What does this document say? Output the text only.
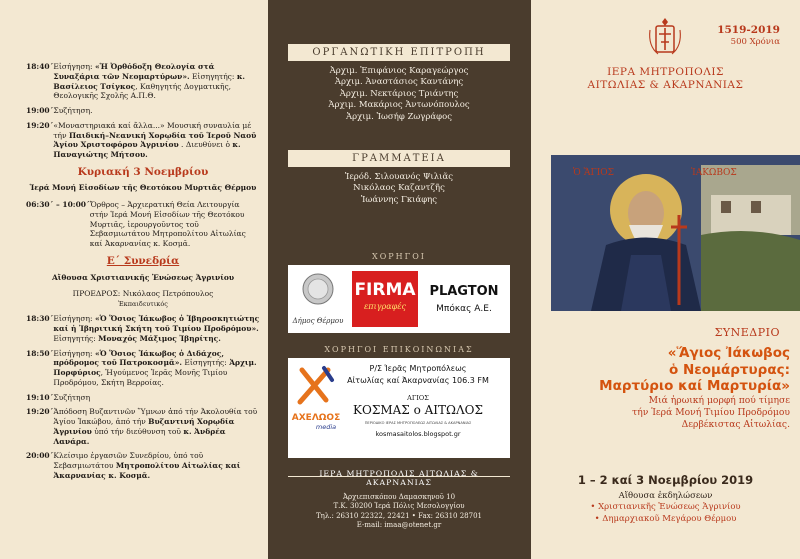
18:40΄ Εἰσήγηση: «Ἡ Ὀρθόδοξη Θεολογία στά Συναξάρια τῶν Νεομαρτύρων». Εἰσηγητής: κ. Βασίλειος Τσίγκος, Καθηγητής Δογματικῆς, Θεολογικῆς Σχολῆς Α.Π.Θ.
19:00΄ Συζήτηση.
19:20΄ «Μοναστηριακά καί ἄλλα...» Μουσική συναυλία μέ τήν Παιδική–Νεανική Χορῳδία τοῦ Ἱεροῦ Ναοῦ Ἁγίου Χριστοφόρου Ἀγρινίου . Διευθύνει ὁ κ. Παναγιώτης Μήτσου.
Κυριακή 3 Νοεμβρίου
Ἱερά Μονή Εἰσοδίων τῆς Θεοτόκου Μυρτιᾶς Θέρμου
06:30΄ – 10:00΄ Ὄρθρος – Ἀρχιερατική Θεία Λειτουργία στήν Ἱερά Μονή Εἰσοδίων τῆς Θεοτόκου Μυρτιᾶς, ἱερουργοῦντος τοῦ Σεβασμιωτάτου Μητροπολίτου Αἰτωλίας καί Ἀκαρνανίας κ. Κοσμᾶ.
Ε΄ Συνεδρία
Αἴθουσα Χριστιανικῆς Ἑνώσεως Ἀγρινίου
ΠΡΟΕΔΡΟΣ: Νικόλαος Πετρόπουλος
Ἐκπαιδευτικός
18:30΄ Εἰσήγηση: «Ὁ Ὅσιος Ἰάκωβος ὁ Ἰβηροσκητιώτης καί ἡ Ἰβηριτική Σκήτη τοῦ Τιμίου Προδρόμου». Εἰσηγητής: Μοναχός Μάξιμος Ἰβηρίτης.
18:50΄ Εἰσήγηση: «Ὁ Ὅσιος Ἰάκωβος ὁ Διδάχος, πρόδρομος τοῦ Πατροκοσμᾶ». Εἰσηγητής: Ἀρχιμ. Πορφύριος, Ἡγούμενος Ἱερᾶς Μονῆς Τιμίου Προδρόμου, Σκήτη Βερροίας.
19:10΄ Συζήτηση
19:20΄ Ἀπόδοση Βυζαντινῶν Ὕμνων ἀπό τήν Ἀκολουθία τοῦ Ἁγίου Ἰακώβου, ἀπό τήν Βυζαντινή Χορῳδία Ἀγρινίου ὑπό τήν διεύθυνση τοῦ κ. Ἀνδρέα Λανάρα.
20:00΄ Κλείσιμο ἐργασιῶν Συνεδρίου, ὑπό τοῦ Σεβασμιωτάτου Μητροπολίτου Αἰτωλίας καί Ἀκαρνανίας κ. Κοσμᾶ.
ΟΡΓΑΝΩΤΙΚΗ ΕΠΙΤΡΟΠΗ
Ἀρχιμ. Ἐπιφάνιος Καραγεώργος
Ἀρχιμ. Ἀναστάσιος Καντάνης
Ἀρχιμ. Νεκτάριος Τριάντης
Ἀρχιμ. Μακάριος Ἀντωνόπουλος
Ἀρχιμ. Ἰωσήφ Ζωγράφος
ΓΡΑΜΜΑΤΕΙΑ
Ἱερόδ. Σιλουανός Ψιλιᾶς
Νικόλαος Καζαντζῆς
Ἰωάννης Γκιάφης
ΧΟΡΗΓΟΙ
Δήμος Θέρμου
FIRMA
επιγραφές
PLAGTON
Μπόκας Α.Ε.
ΧΟΡΗΓΟΙ ΕΠΙΚΟΙΝΩΝΙΑΣ
ΑΧΕΛΩΟΣ
media
Ρ/Σ Ἱερᾶς Μητροπόλεως
Αἰτωλίας καί Ἀκαρνανίας 106.3 FM
ΑΓΙΟΣ
ΚΟΣΜΑΣ ο ΑΙΤΩΛΟΣ
ΠΕΡΙΟΔΙΚΟ ΙΕΡΑΣ ΜΗΤΡΟΠΟΛΕΩΣ ΑΙΤΩΛΙΑΣ & ΑΚΑΡΝΑΝΙΑΣ
kosmasaitolos.blogspot.gr
ΙΕΡΑ ΜΗΤΡΟΠΟΛΙΣ ΑΙΤΩΛΙΑΣ & ΑΚΑΡΝΑΝΙΑΣ
Ἀρχιεπισκόπου Δαμασκηνοῦ 10
Τ.Κ. 30200 Ἱερά Πόλις Μεσολογγίου
Τηλ.: 26310 22322, 22421 • Fax: 26310 28701
E-mail: imaa@otenet.gr
1519-2019
500 Χρόνια
ΙΕΡΑ ΜΗΤΡΟΠΟΛΙΣ
ΑΙΤΩΛΙΑΣ & ΑΚΑΡΝΑΝΙΑΣ
Ὁ ἍΓΙΟΣ	ἸΑΚΩΒΟΣ
ΣΥΝΕΔΡΙΟ
«Ἅγιος Ἰάκωβος
ὁ Νεομάρτυρας:
Μαρτύριο καί Μαρτυρία»
Μιά ἡρωική μορφή πού τίμησε
τήν Ἱερά Μονή Τιμίου Προδρόμου
Δερβέκιστας Αἰτωλίας.
1 – 2 καί 3 Νοεμβρίου 2019
Αἴθουσα ἐκδηλώσεων
• Χριστιανικῆς Ἑνώσεως Ἀγρινίου
• Δημαρχιακοῦ Μεγάρου Θέρμου
